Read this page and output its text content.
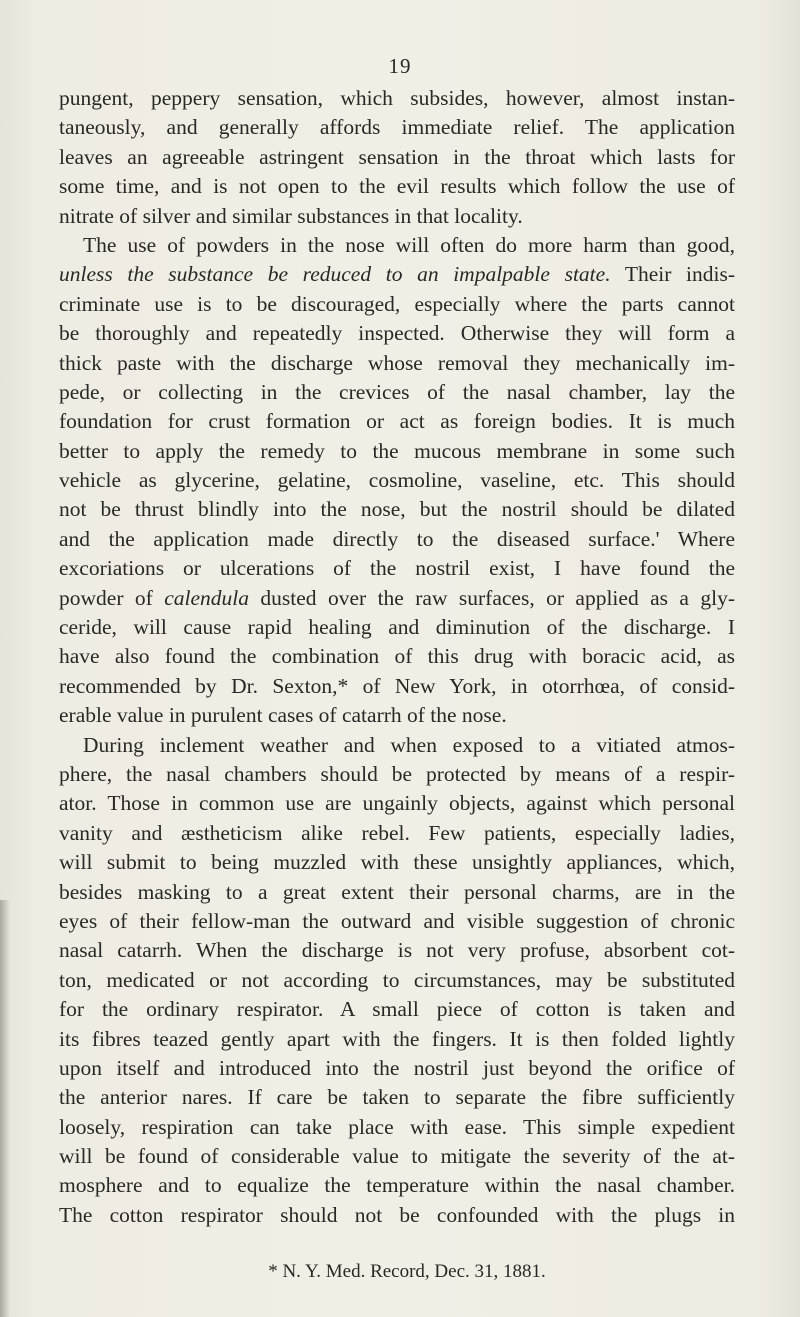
19
pungent, peppery sensation, which subsides, however, almost instan-
taneously, and generally affords immediate relief. The application
leaves an agreeable astringent sensation in the throat which lasts for
some time, and is not open to the evil results which follow the use of
nitrate of silver and similar substances in that locality.
The use of powders in the nose will often do more harm than good,
unless the substance be reduced to an impalpable state. Their indis-
criminate use is to be discouraged, especially where the parts cannot
be thoroughly and repeatedly inspected. Otherwise they will form a
thick paste with the discharge whose removal they mechanically im-
pede, or collecting in the crevices of the nasal chamber, lay the
foundation for crust formation or act as foreign bodies. It is much
better to apply the remedy to the mucous membrane in some such
vehicle as glycerine, gelatine, cosmoline, vaseline, etc. This should
not be thrust blindly into the nose, but the nostril should be dilated
and the application made directly to the diseased surface.' Where
excoriations or ulcerations of the nostril exist, I have found the
powder of calendula dusted over the raw surfaces, or applied as a gly-
ceride, will cause rapid healing and diminution of the discharge. I
have also found the combination of this drug with boracic acid, as
recommended by Dr. Sexton,* of New York, in otorrhœa, of consid-
erable value in purulent cases of catarrh of the nose.
During inclement weather and when exposed to a vitiated atmos-
phere, the nasal chambers should be protected by means of a respir-
ator. Those in common use are ungainly objects, against which personal
vanity and æstheticism alike rebel. Few patients, especially ladies,
will submit to being muzzled with these unsightly appliances, which,
besides masking to a great extent their personal charms, are in the
eyes of their fellow-man the outward and visible suggestion of chronic
nasal catarrh. When the discharge is not very profuse, absorbent cot-
ton, medicated or not according to circumstances, may be substituted
for the ordinary respirator. A small piece of cotton is taken and
its fibres teazed gently apart with the fingers. It is then folded lightly
upon itself and introduced into the nostril just beyond the orifice of
the anterior nares. If care be taken to separate the fibre sufficiently
loosely, respiration can take place with ease. This simple expedient
will be found of considerable value to mitigate the severity of the at-
mosphere and to equalize the temperature within the nasal chamber.
The cotton respirator should not be confounded with the plugs in
* N. Y. Med. Record, Dec. 31, 1881.
